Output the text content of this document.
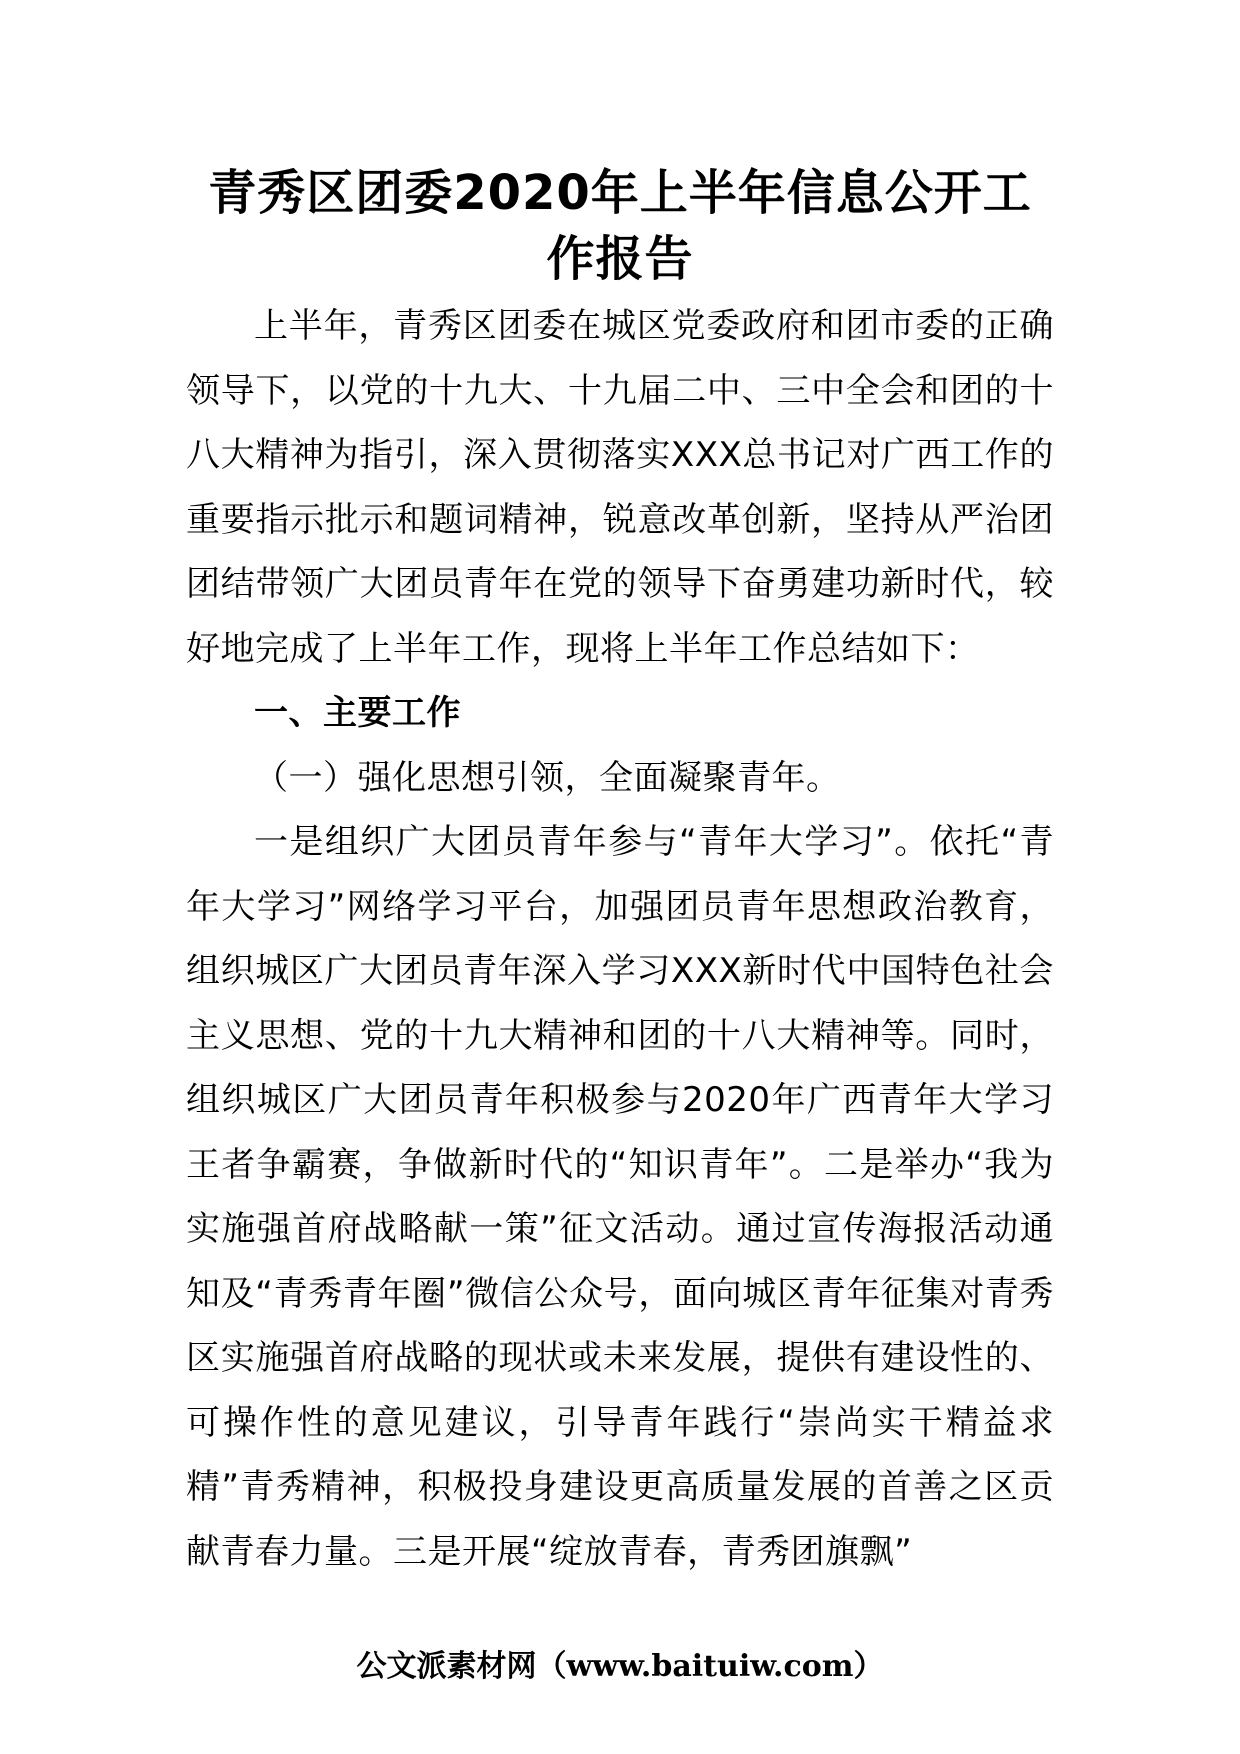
青秀区团委2020年上半年信息公开工作报告

上半年，青秀区团委在城区党委政府和团市委的正确领导下，以党的十九大、十九届二中、三中全会和团的十八大精神为指引，深入贯彻落实XXX总书记对广西工作的重要指示批示和题词精神，锐意改革创新，坚持从严治团团结带领广大团员青年在党的领导下奋勇建功新时代，较好地完成了上半年工作，现将上半年工作总结如下：

一、主要工作

（一）强化思想引领，全面凝聚青年。

一是组织广大团员青年参与“青年大学习”。依托“青年大学习”网络学习平台，加强团员青年思想政治教育，组织城区广大团员青年深入学习XXX新时代中国特色社会主义思想、党的十九大精神和团的十八大精神等。同时，组织城区广大团员青年积极参与2020年广西青年大学习王者争霸赛，争做新时代的“知识青年”。二是举办“我为实施强首府战略献一策”征文活动。通过宣传海报活动通知及“青秀青年圈”微信公众号，面向城区青年征集对青秀区实施强首府战略的现状或未来发展，提供有建设性的、可操作性的意见建议，引导青年践行“崇尚实干精益求精”青秀精神，积极投身建设更高质量发展的首善之区贡献青春力量。三是开展“绽放青春，青秀团旗飘”

公文派素材网（www.baituiw.com）
